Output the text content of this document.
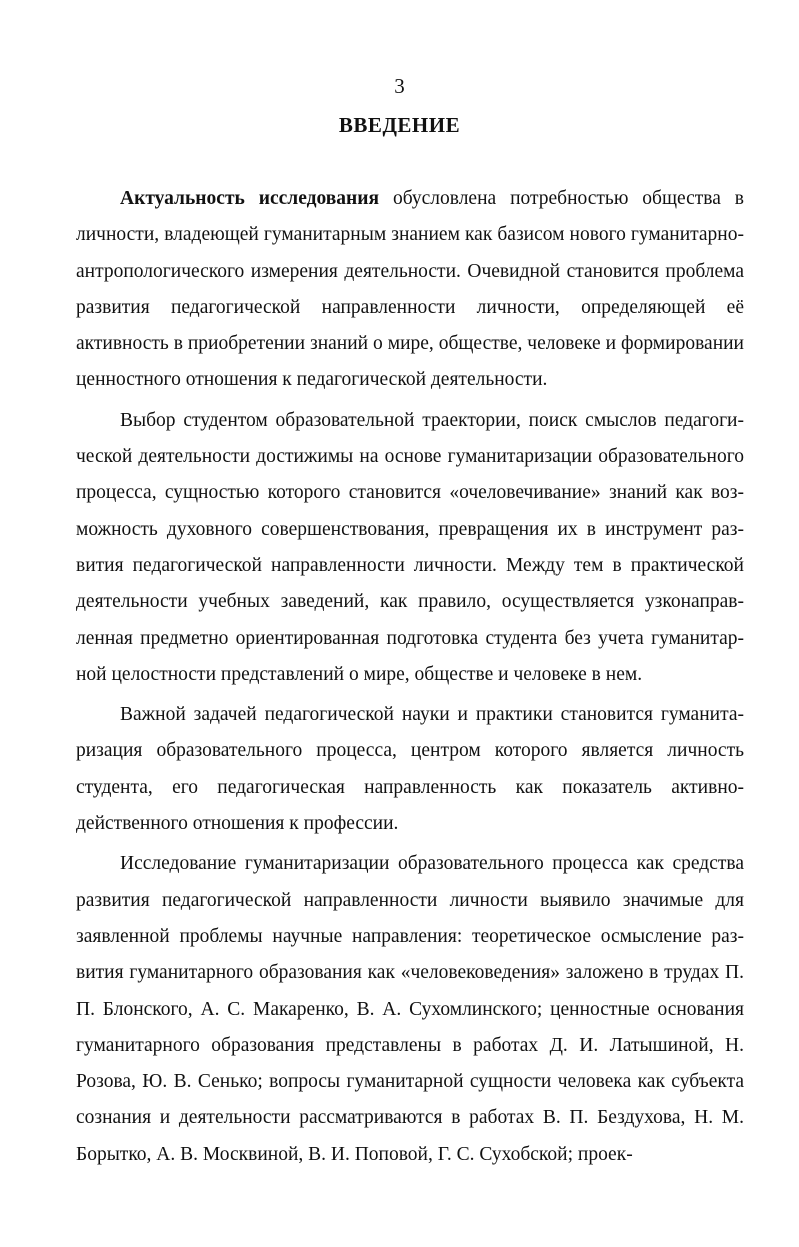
3
ВВЕДЕНИЕ

Актуальность исследования обусловлена потребностью общества в личности, владеющей гуманитарным знанием как базисом нового гуманитарно-антропологического измерения деятельности. Очевидной становится проблема развития педагогической направленности личности, определяющей её активность в приобретении знаний о мире, обществе, человеке и формировании ценностного отношения к педагогической деятельности.

Выбор студентом образовательной траектории, поиск смыслов педагогической деятельности достижимы на основе гуманитаризации образовательного процесса, сущностью которого становится «очеловечивание» знаний как возможность духовного совершенствования, превращения их в инструмент развития педагогической направленности личности. Между тем в практической деятельности учебных заведений, как правило, осуществляется узконаправленная предметно ориентированная подготовка студента без учета гуманитарной целостности представлений о мире, обществе и человеке в нем.

Важной задачей педагогической науки и практики становится гуманитаризация образовательного процесса, центром которого является личность студента, его педагогическая направленность как показатель активно-действенного отношения к профессии.

Исследование гуманитаризации образовательного процесса как средства развития педагогической направленности личности выявило значимые для заявленной проблемы научные направления: теоретическое осмысление развития гуманитарного образования как «человековедения» заложено в трудах П. П. Блонского, А. С. Макаренко, В. А. Сухомлинского; ценностные основания гуманитарного образования представлены в работах Д. И. Латышиной, Н. Розова, Ю. В. Сенько; вопросы гуманитарной сущности человека как субъекта сознания и деятельности рассматриваются в работах В. П. Бездухова, Н. М. Борытко, А. В. Москвиной, В. И. Поповой, Г. С. Сухобской; проек-
